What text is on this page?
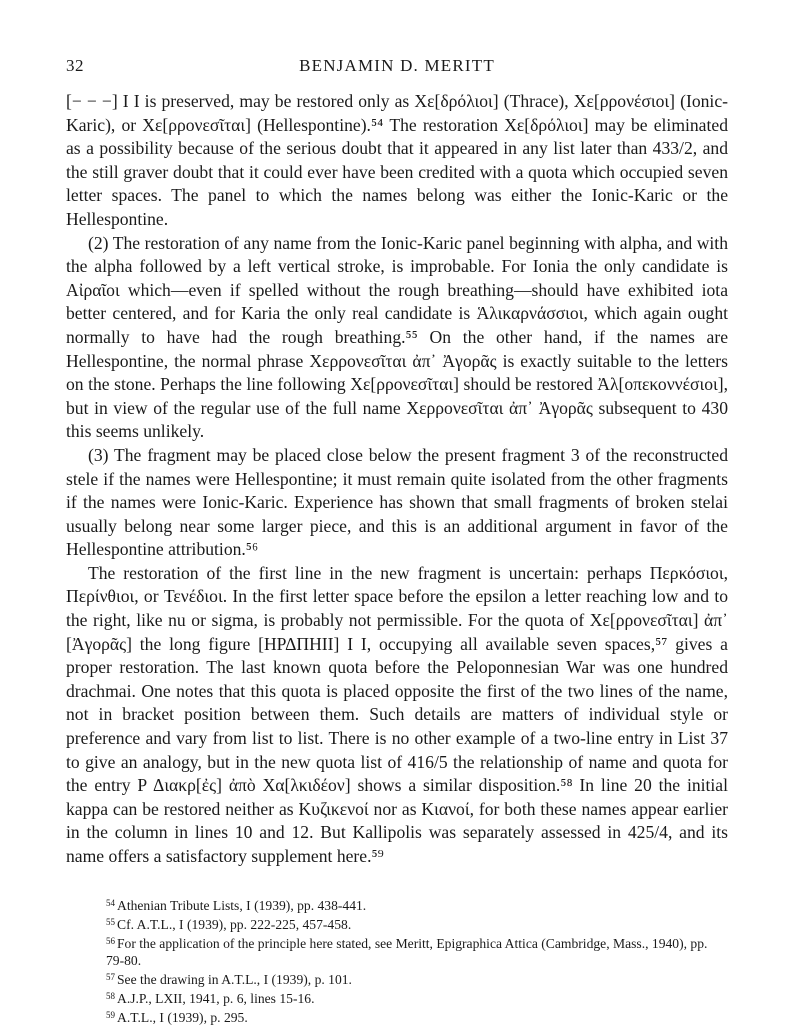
32	BENJAMIN D. MERITT

[− − −] I I is preserved, may be restored only as Χε[δρόλιοι] (Thrace), Χε[ρρονέσιοι] (Ionic-Karic), or Χε[ρρονεσῖται] (Hellespontine).⁵⁴ The restoration Χε[δρόλιοι] may be eliminated as a possibility because of the serious doubt that it appeared in any list later than 433/2, and the still graver doubt that it could ever have been credited with a quota which occupied seven letter spaces. The panel to which the names belong was either the Ionic-Karic or the Hellespontine.

(2) The restoration of any name from the Ionic-Karic panel beginning with alpha, and with the alpha followed by a left vertical stroke, is improbable. For Ionia the only candidate is Αἰραῖοι which—even if spelled without the rough breathing—should have exhibited iota better centered, and for Karia the only real candidate is Ἁλικαρνάσσιοι, which again ought normally to have had the rough breathing.⁵⁵ On the other hand, if the names are Hellespontine, the normal phrase Χερρονεσῖται ἀπ᾽ Ἀγορᾶς is exactly suitable to the letters on the stone. Perhaps the line following Χε[ρρονεσῖται] should be restored Ἀλ[οπεκοννέσιοι], but in view of the regular use of the full name Χερρονεσῖται ἀπ᾽ Ἀγορᾶς subsequent to 430 this seems unlikely.

(3) The fragment may be placed close below the present fragment 3 of the reconstructed stele if the names were Hellespontine; it must remain quite isolated from the other fragments if the names were Ionic-Karic. Experience has shown that small fragments of broken stelai usually belong near some larger piece, and this is an additional argument in favor of the Hellespontine attribution.⁵⁶

The restoration of the first line in the new fragment is uncertain: perhaps Περκόσιοι, Περίνθιοι, or Τενέδιοι. In the first letter space before the epsilon a letter reaching low and to the right, like nu or sigma, is probably not permissible. For the quota of Χε[ρρονεσῖται] ἀπ᾽ [Ἀγορᾶς] the long figure [ΗΡΔΠΗΙΙ] Ι Ι, occupying all available seven spaces,⁵⁷ gives a proper restoration. The last known quota before the Peloponnesian War was one hundred drachmai. One notes that this quota is placed opposite the first of the two lines of the name, not in bracket position between them. Such details are matters of individual style or preference and vary from list to list. There is no other example of a two-line entry in List 37 to give an analogy, but in the new quota list of 416/5 the relationship of name and quota for the entry Ρ Διακρ[ἐς] ἀπὸ Χα[λκιδέον] shows a similar disposition.⁵⁸ In line 20 the initial kappa can be restored neither as Κυζικενοί nor as Κιανοί, for both these names appear earlier in the column in lines 10 and 12. But Kallipolis was separately assessed in 425/4, and its name offers a satisfactory supplement here.⁵⁹

$^{54}$ Athenian Tribute Lists, I (1939), pp. 438-441.

$^{55}$ Cf. A.T.L., I (1939), pp. 222-225, 457-458.

$^{56}$ For the application of the principle here stated, see Meritt, Epigraphica Attica (Cambridge, Mass., 1940), pp. 79-80.

$^{57}$ See the drawing in A.T.L., I (1939), p. 101.

$^{58}$ A.J.P., LXII, 1941, p. 6, lines 15-16.

$^{59}$ A.T.L., I (1939), p. 295.
